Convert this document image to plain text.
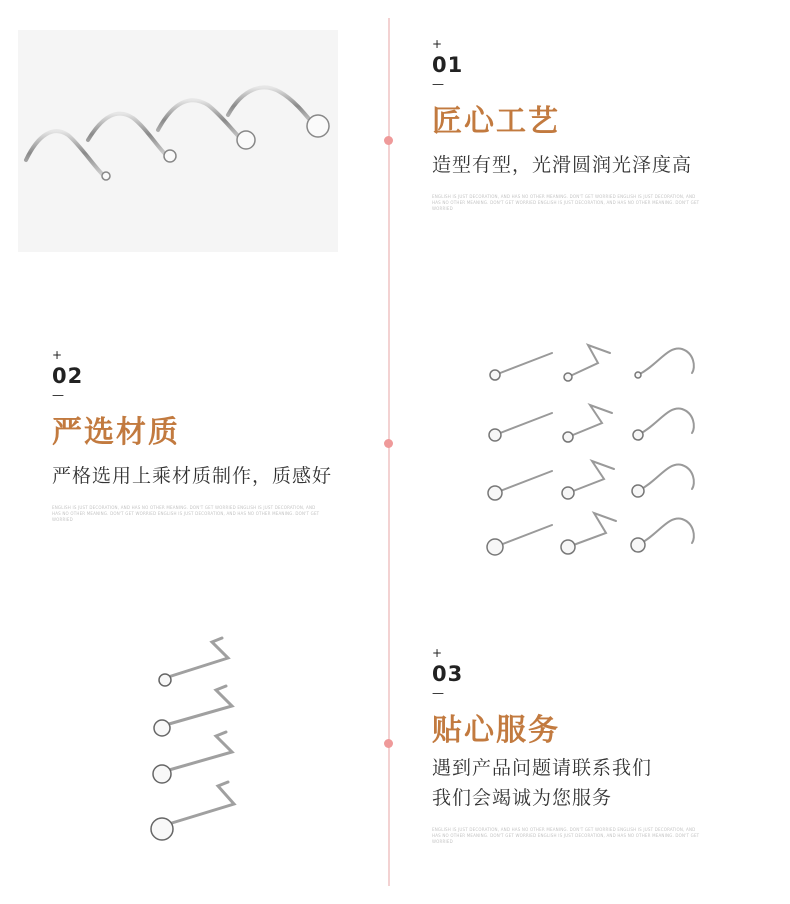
+
01
—
匠心工艺
造型有型，光滑圆润光泽度高
ENGLISH IS JUST DECORATION, AND HAS NO OTHER MEANING. DON'T GET WORRIED ENGLISH IS JUST DECORATION, AND HAS NO OTHER MEANING. DON'T GET WORRIED ENGLISH IS JUST DECORATION, AND HAS NO OTHER MEANING. DON'T GET WORRIED
+
02
—
严选材质
严格选用上乘材质制作，质感好
ENGLISH IS JUST DECORATION, AND HAS NO OTHER MEANING. DON'T GET WORRIED ENGLISH IS JUST DECORATION, AND HAS NO OTHER MEANING. DON'T GET WORRIED ENGLISH IS JUST DECORATION, AND HAS NO OTHER MEANING. DON'T GET WORRIED
+
03
—
贴心服务
遇到产品问题请联系我们
我们会竭诚为您服务
ENGLISH IS JUST DECORATION, AND HAS NO OTHER MEANING. DON'T GET WORRIED ENGLISH IS JUST DECORATION, AND HAS NO OTHER MEANING. DON'T GET WORRIED ENGLISH IS JUST DECORATION, AND HAS NO OTHER MEANING. DON'T GET WORRIED
